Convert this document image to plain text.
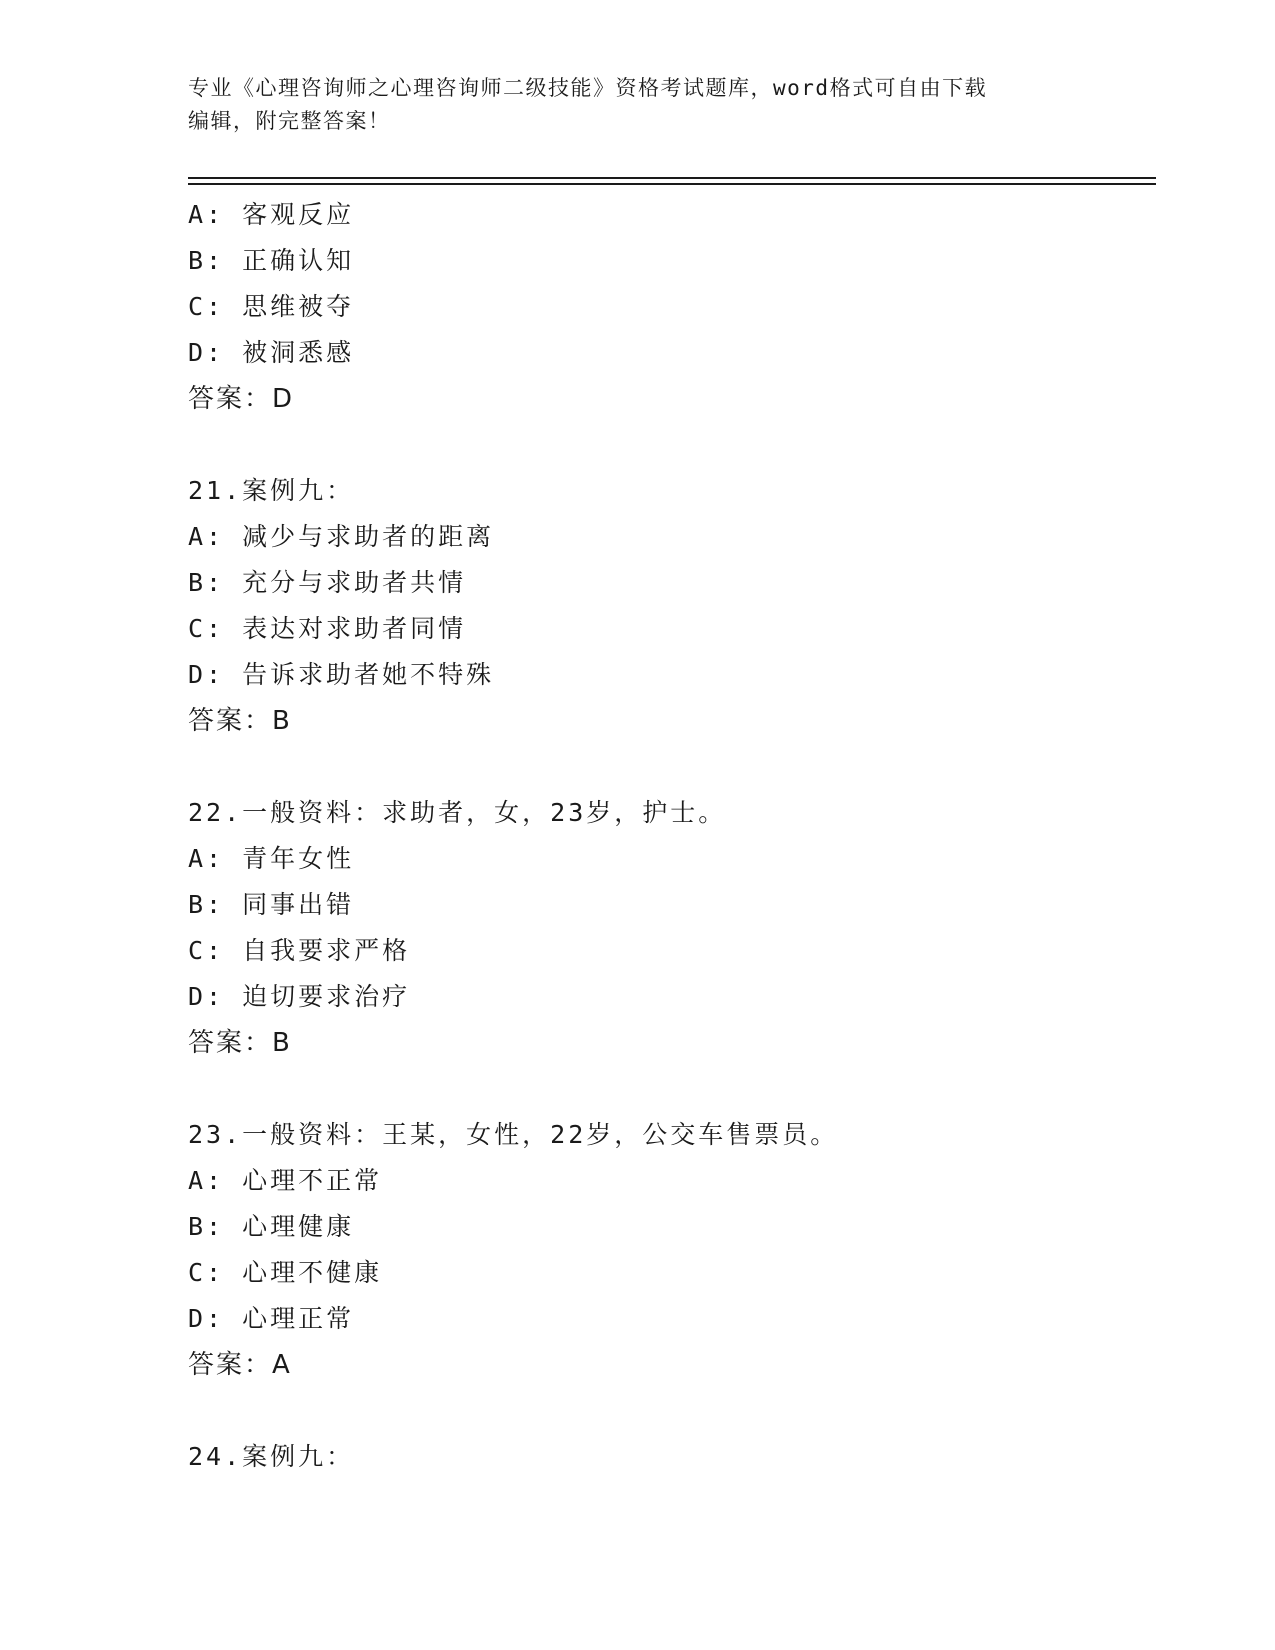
专业《心理咨询师之心理咨询师二级技能》资格考试题库，word格式可自由下载
编辑，附完整答案！
A: 客观反应
B: 正确认知
C: 思维被夺
D: 被洞悉感
答案：D
21.案例九：
A: 减少与求助者的距离
B: 充分与求助者共情
C: 表达对求助者同情
D: 告诉求助者她不特殊
答案：B
22.一般资料：求助者，女，23岁，护士。
A: 青年女性
B: 同事出错
C: 自我要求严格
D: 迫切要求治疗
答案：B
23.一般资料：王某，女性，22岁，公交车售票员。
A: 心理不正常
B: 心理健康
C: 心理不健康
D: 心理正常
答案：A
24.案例九：
